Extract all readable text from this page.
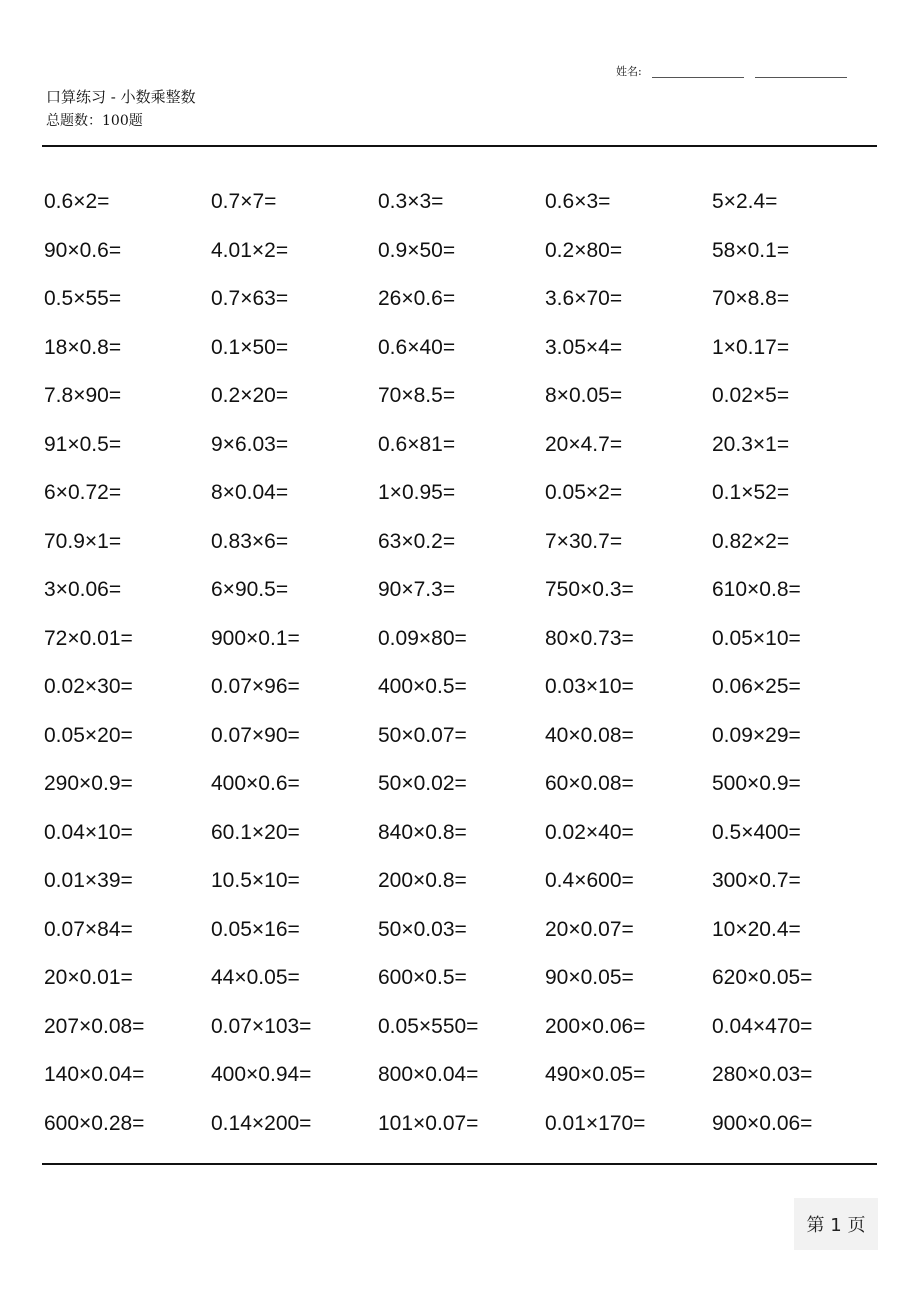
姓名:
口算练习 - 小数乘整数
总题数：100题
0.6×2=	0.7×7=	0.3×3=	0.6×3=	5×2.4=
90×0.6=	4.01×2=	0.9×50=	0.2×80=	58×0.1=
0.5×55=	0.7×63=	26×0.6=	3.6×70=	70×8.8=
18×0.8=	0.1×50=	0.6×40=	3.05×4=	1×0.17=
7.8×90=	0.2×20=	70×8.5=	8×0.05=	0.02×5=
91×0.5=	9×6.03=	0.6×81=	20×4.7=	20.3×1=
6×0.72=	8×0.04=	1×0.95=	0.05×2=	0.1×52=
70.9×1=	0.83×6=	63×0.2=	7×30.7=	0.82×2=
3×0.06=	6×90.5=	90×7.3=	750×0.3=	610×0.8=
72×0.01=	900×0.1=	0.09×80=	80×0.73=	0.05×10=
0.02×30=	0.07×96=	400×0.5=	0.03×10=	0.06×25=
0.05×20=	0.07×90=	50×0.07=	40×0.08=	0.09×29=
290×0.9=	400×0.6=	50×0.02=	60×0.08=	500×0.9=
0.04×10=	60.1×20=	840×0.8=	0.02×40=	0.5×400=
0.01×39=	10.5×10=	200×0.8=	0.4×600=	300×0.7=
0.07×84=	0.05×16=	50×0.03=	20×0.07=	10×20.4=
20×0.01=	44×0.05=	600×0.5=	90×0.05=	620×0.05=
207×0.08=	0.07×103=	0.05×550=	200×0.06=	0.04×470=
140×0.04=	400×0.94=	800×0.04=	490×0.05=	280×0.03=
600×0.28=	0.14×200=	101×0.07=	0.01×170=	900×0.06=
第 1 页
